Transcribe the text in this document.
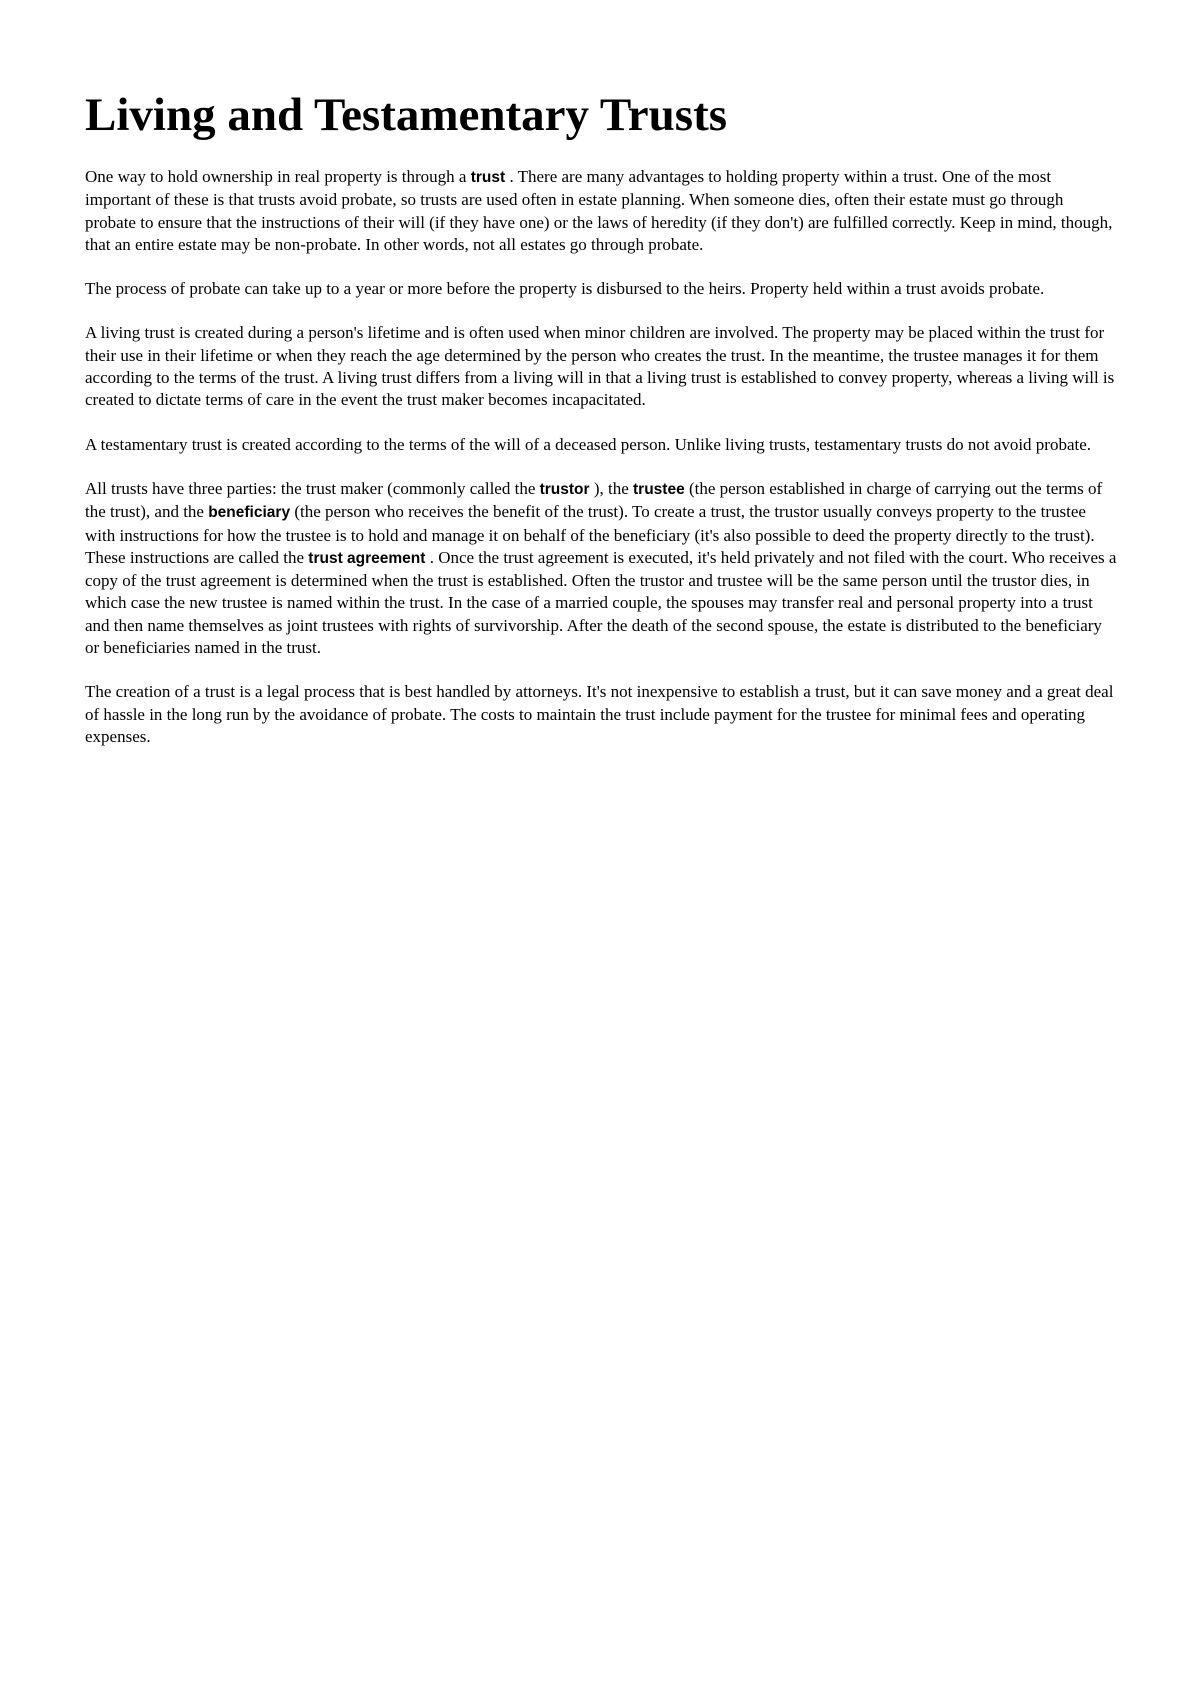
Living and Testamentary Trusts

One way to hold ownership in real property is through a trust . There are many advantages to holding property within a trust. One of the most important of these is that trusts avoid probate, so trusts are used often in estate planning. When someone dies, often their estate must go through probate to ensure that the instructions of their will (if they have one) or the laws of heredity (if they don't) are fulfilled correctly. Keep in mind, though, that an entire estate may be non-probate. In other words, not all estates go through probate.

The process of probate can take up to a year or more before the property is disbursed to the heirs. Property held within a trust avoids probate.

A living trust is created during a person's lifetime and is often used when minor children are involved. The property may be placed within the trust for their use in their lifetime or when they reach the age determined by the person who creates the trust. In the meantime, the trustee manages it for them according to the terms of the trust. A living trust differs from a living will in that a living trust is established to convey property, whereas a living will is created to dictate terms of care in the event the trust maker becomes incapacitated.

A testamentary trust is created according to the terms of the will of a deceased person. Unlike living trusts, testamentary trusts do not avoid probate.

All trusts have three parties: the trust maker (commonly called the trustor ), the trustee (the person established in charge of carrying out the terms of the trust), and the beneficiary (the person who receives the benefit of the trust). To create a trust, the trustor usually conveys property to the trustee with instructions for how the trustee is to hold and manage it on behalf of the beneficiary (it's also possible to deed the property directly to the trust). These instructions are called the trust agreement . Once the trust agreement is executed, it's held privately and not filed with the court. Who receives a copy of the trust agreement is determined when the trust is established. Often the trustor and trustee will be the same person until the trustor dies, in which case the new trustee is named within the trust. In the case of a married couple, the spouses may transfer real and personal property into a trust and then name themselves as joint trustees with rights of survivorship. After the death of the second spouse, the estate is distributed to the beneficiary or beneficiaries named in the trust.

The creation of a trust is a legal process that is best handled by attorneys. It's not inexpensive to establish a trust, but it can save money and a great deal of hassle in the long run by the avoidance of probate. The costs to maintain the trust include payment for the trustee for minimal fees and operating expenses.
